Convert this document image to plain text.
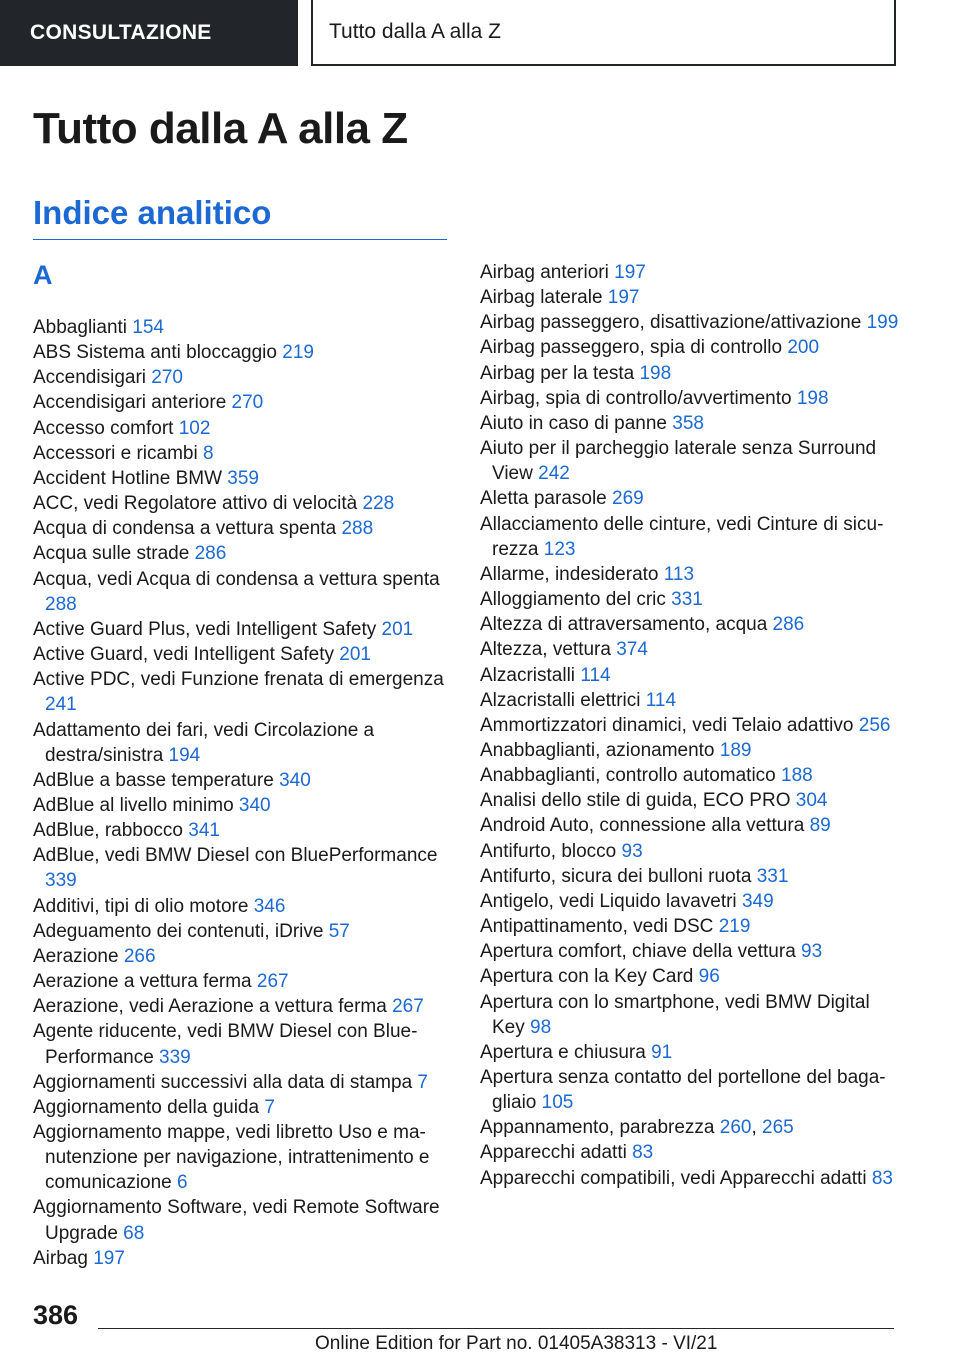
CONSULTAZIONE	Tutto dalla A alla Z
Tutto dalla A alla Z
Indice analitico
A
Abbaglianti 154
ABS Sistema anti bloccaggio 219
Accendisigari 270
Accendisigari anteriore 270
Accesso comfort 102
Accessori e ricambi 8
Accident Hotline BMW 359
ACC, vedi Regolatore attivo di velocità 228
Acqua di condensa a vettura spenta 288
Acqua sulle strade 286
Acqua, vedi Acqua di condensa a vettura spenta 288
Active Guard Plus, vedi Intelligent Safety 201
Active Guard, vedi Intelligent Safety 201
Active PDC, vedi Funzione frenata di emergenza 241
Adattamento dei fari, vedi Circolazione a destra/sinistra 194
AdBlue a basse temperature 340
AdBlue al livello minimo 340
AdBlue, rabbocco 341
AdBlue, vedi BMW Diesel con BluePerformance 339
Additivi, tipi di olio motore 346
Adeguamento dei contenuti, iDrive 57
Aerazione 266
Aerazione a vettura ferma 267
Aerazione, vedi Aerazione a vettura ferma 267
Agente riducente, vedi BMW Diesel con BluePerformance 339
Aggiornamenti successivi alla data di stampa 7
Aggiornamento della guida 7
Aggiornamento mappe, vedi libretto Uso e manutenzione per navigazione, intrattenimento e comunicazione 6
Aggiornamento Software, vedi Remote Software Upgrade 68
Airbag 197
Airbag anteriori 197
Airbag laterale 197
Airbag passeggero, disattivazione/attivazione 199
Airbag passeggero, spia di controllo 200
Airbag per la testa 198
Airbag, spia di controllo/avvertimento 198
Aiuto in caso di panne 358
Aiuto per il parcheggio laterale senza Surround View 242
Aletta parasole 269
Allacciamento delle cinture, vedi Cinture di sicurezza 123
Allarme, indesiderato 113
Alloggiamento del cric 331
Altezza di attraversamento, acqua 286
Altezza, vettura 374
Alzacristalli 114
Alzacristalli elettrici 114
Ammortizzatori dinamici, vedi Telaio adattivo 256
Anabbaglianti, azionamento 189
Anabbaglianti, controllo automatico 188
Analisi dello stile di guida, ECO PRO 304
Android Auto, connessione alla vettura 89
Antifurto, blocco 93
Antifurto, sicura dei bulloni ruota 331
Antigelo, vedi Liquido lavavetri 349
Antipattinamento, vedi DSC 219
Apertura comfort, chiave della vettura 93
Apertura con la Key Card 96
Apertura con lo smartphone, vedi BMW Digital Key 98
Apertura e chiusura 91
Apertura senza contatto del portellone del bagagliaio 105
Appannamento, parabrezza 260, 265
Apparecchi adatti 83
Apparecchi compatibili, vedi Apparecchi adatti 83
386
Online Edition for Part no. 01405A38313 - VI/21
